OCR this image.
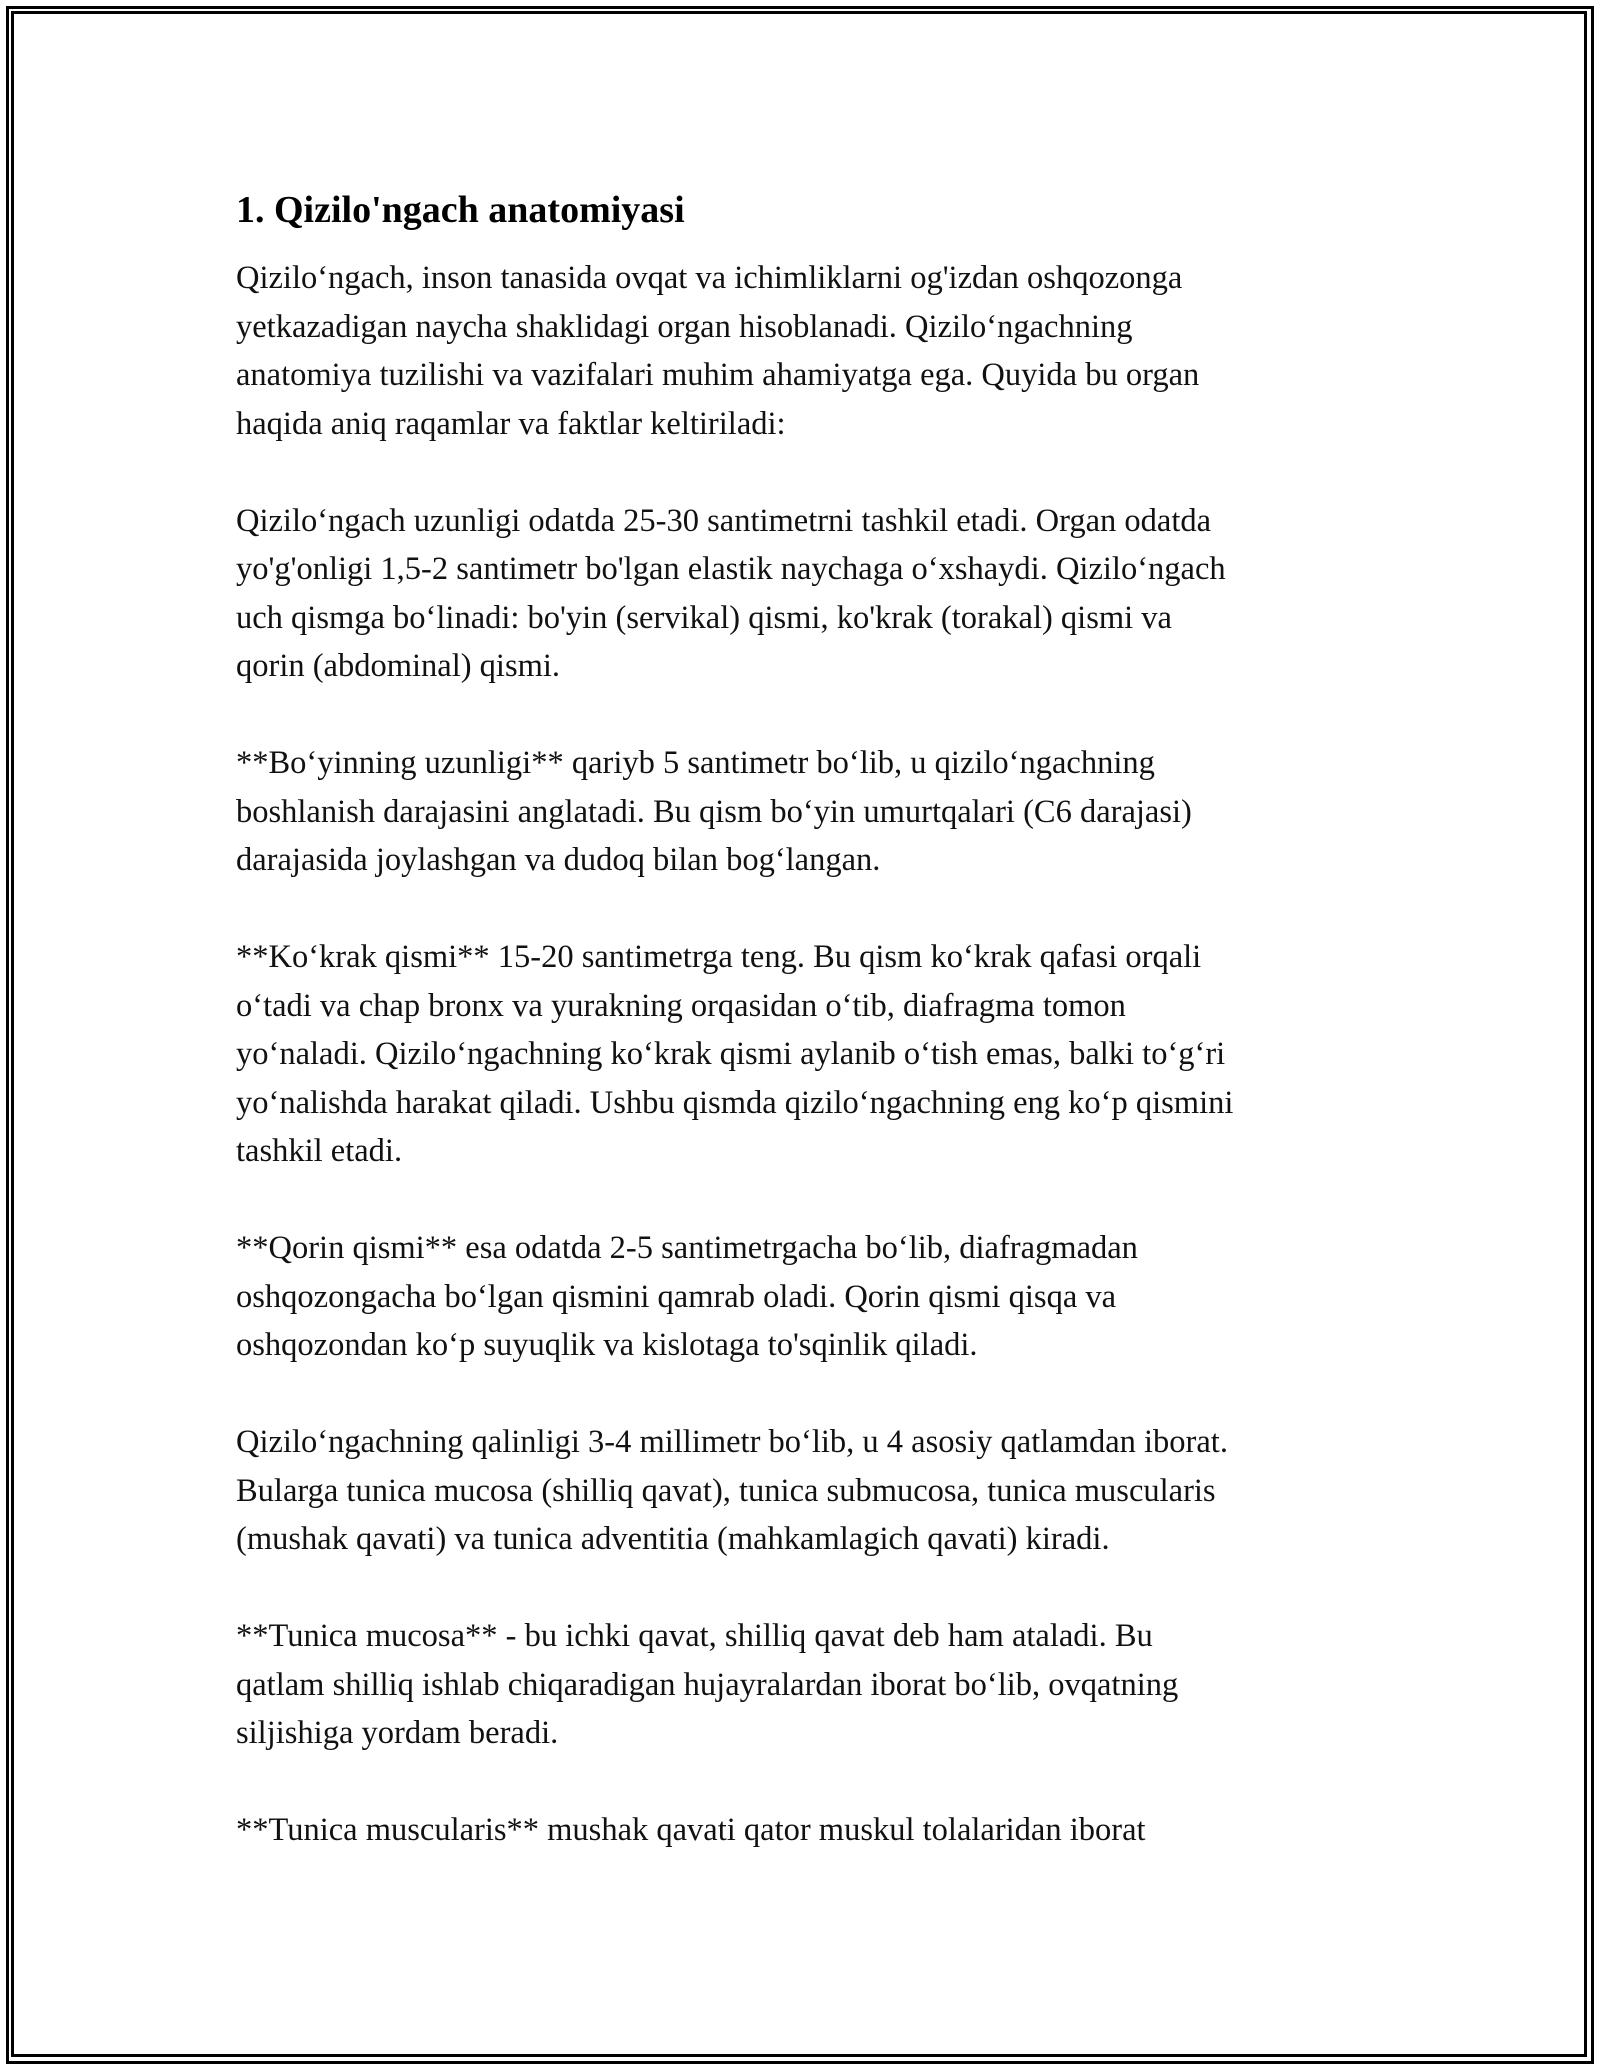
1. Qizilo'ngach anatomiyasi

Qizilo‘ngach, inson tanasida ovqat va ichimliklarni og'izdan oshqozonga
yetkazadigan naycha shaklidagi organ hisoblanadi. Qizilo‘ngachning
anatomiya tuzilishi va vazifalari muhim ahamiyatga ega. Quyida bu organ
haqida aniq raqamlar va faktlar keltiriladi:

Qizilo‘ngach uzunligi odatda 25-30 santimetrni tashkil etadi. Organ odatda
yo'g'onligi 1,5-2 santimetr bo'lgan elastik naychaga o‘xshaydi. Qizilo‘ngach
uch qismga bo‘linadi: bo'yin (servikal) qismi, ko'krak (torakal) qismi va
qorin (abdominal) qismi.

**Bo‘yinning uzunligi** qariyb 5 santimetr bo‘lib, u qizilo‘ngachning
boshlanish darajasini anglatadi. Bu qism bo‘yin umurtqalari (C6 darajasi)
darajasida joylashgan va dudoq bilan bog‘langan.

**Ko‘krak qismi** 15-20 santimetrga teng. Bu qism ko‘krak qafasi orqali
o‘tadi va chap bronx va yurakning orqasidan o‘tib, diafragma tomon
yo‘naladi. Qizilo‘ngachning ko‘krak qismi aylanib o‘tish emas, balki to‘g‘ri
yo‘nalishda harakat qiladi. Ushbu qismda qizilo‘ngachning eng ko‘p qismini
tashkil etadi.

**Qorin qismi** esa odatda 2-5 santimetrgacha bo‘lib, diafragmadan
oshqozongacha bo‘lgan qismini qamrab oladi. Qorin qismi qisqa va
oshqozondan ko‘p suyuqlik va kislotaga to'sqinlik qiladi.

Qizilo‘ngachning qalinligi 3-4 millimetr bo‘lib, u 4 asosiy qatlamdan iborat.
Bularga tunica mucosa (shilliq qavat), tunica submucosa, tunica muscularis
(mushak qavati) va tunica adventitia (mahkamlagich qavati) kiradi.

**Tunica mucosa** - bu ichki qavat, shilliq qavat deb ham ataladi. Bu
qatlam shilliq ishlab chiqaradigan hujayralardan iborat bo‘lib, ovqatning
siljishiga yordam beradi.

**Tunica muscularis** mushak qavati qator muskul tolalaridan iborat
